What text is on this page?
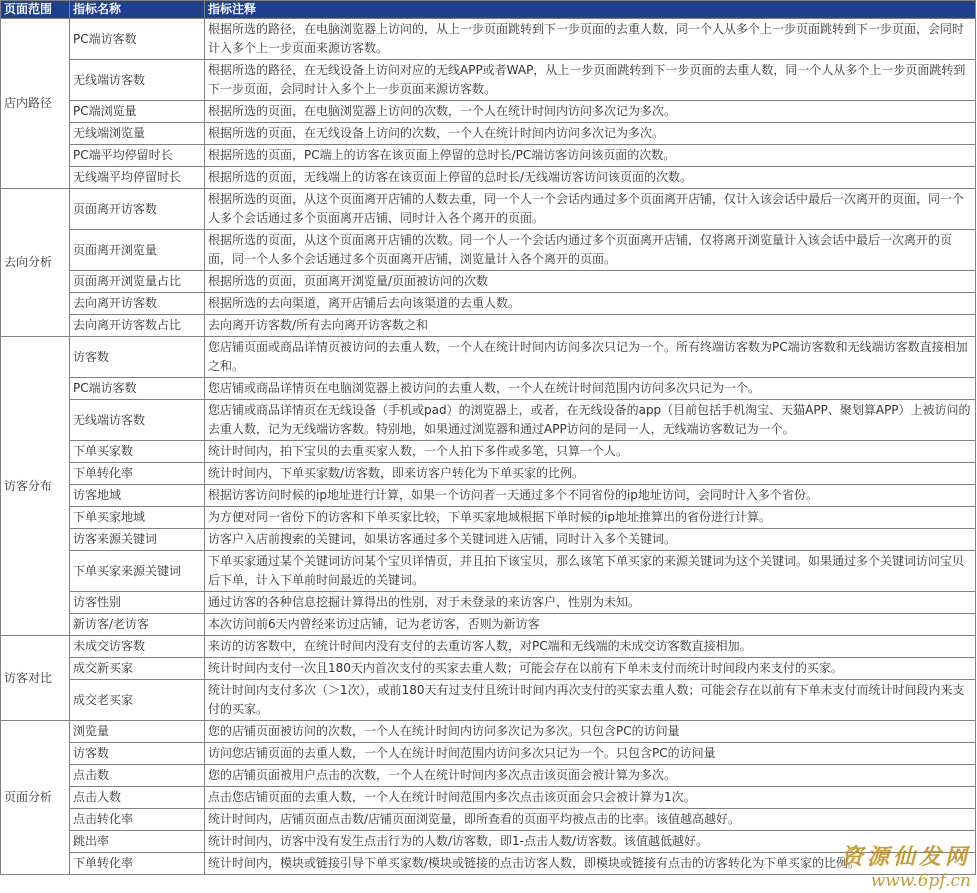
页面范围	指标名称	指标注释
店内路径	PC端访客数	根据所选的路径，在电脑浏览器上访问的，从上一步页面跳转到下一步页面的去重人数，同一个人从多个上一步页面跳转到下一步页面，会同时计入多个上一步页面来源访客数。
	无线端访客数	根据所选的路径，在无线设备上访问对应的无线APP或者WAP，从上一步页面跳转到下一步页面的去重人数，同一个人从多个上一步页面跳转到下一步页面，会同时计入多个上一步页面来源访客数。
	PC端浏览量	根据所选的页面，在电脑浏览器上访问的次数，一个人在统计时间内访问多次记为多次。
	无线端浏览量	根据所选的页面，在无线设备上访问的次数，一个人在统计时间内访问多次记为多次。
	PC端平均停留时长	根据所选的页面，PC端上的访客在该页面上停留的总时长/PC端访客访问该页面的次数。
	无线端平均停留时长	根据所选的页面，无线端上的访客在该页面上停留的总时长/无线端访客访问该页面的次数。
去向分析	页面离开访客数	根据所选的页面，从这个页面离开店铺的人数去重，同一个人一个会话内通过多个页面离开店铺，仅计入该会话中最后一次离开的页面，同一个人多个会话通过多个页面离开店铺，同时计入各个离开的页面。
	页面离开浏览量	根据所选的页面，从这个页面离开店铺的次数。同一个人一个会话内通过多个页面离开店铺，仅将离开浏览量计入该会话中最后一次离开的页面，同一个人多个会话通过多个页面离开店铺，浏览量计入各个离开的页面。
	页面离开浏览量占比	根据所选的页面，页面离开浏览量/页面被访问的次数
	去向离开访客数	根据所选的去向渠道，离开店铺后去向该渠道的去重人数。
	去向离开访客数占比	去向离开访客数/所有去向离开访客数之和
访客分布	访客数	您店铺页面或商品详情页被访问的去重人数，一个人在统计时间内访问多次只记为一个。所有终端访客数为PC端访客数和无线端访客数直接相加之和。
	PC端访客数	您店铺或商品详情页在电脑浏览器上被访问的去重人数，一个人在统计时间范围内访问多次只记为一个。
	无线端访客数	您店铺或商品详情页在无线设备（手机或pad）的浏览器上，或者，在无线设备的app（目前包括手机淘宝、天猫APP、聚划算APP）上被访问的去重人数，记为无线端访客数。特别地，如果通过浏览器和通过APP访问的是同一人，无线端访客数记为一个。
	下单买家数	统计时间内，拍下宝贝的去重买家人数，一个人拍下多件或多笔，只算一个人。
	下单转化率	统计时间内，下单买家数/访客数，即来访客户转化为下单买家的比例。
	访客地域	根据访客访问时候的ip地址进行计算，如果一个访问者一天通过多个不同省份的ip地址访问，会同时计入多个省份。
	下单买家地域	为方便对同一省份下的访客和下单买家比较，下单买家地域根据下单时候的ip地址推算出的省份进行计算。
	访客来源关键词	访客户入店前搜索的关键词，如果访客通过多个关键词进入店铺，同时计入多个关键词。
	下单买家来源关键词	下单买家通过某个关键词访问某个宝贝详情页，并且拍下该宝贝，那么该笔下单买家的来源关键词为这个关键词。如果通过多个关键词访问宝贝后下单，计入下单前时间最近的关键词。
	访客性别	通过访客的各种信息挖掘计算得出的性别，对于未登录的来访客户，性别为未知。
	新访客/老访客	本次访问前6天内曾经来访过店铺，记为老访客，否则为新访客
访客对比	未成交访客数	来访的访客数中，在统计时间内没有支付的去重访客人数，对PC端和无线端的未成交访客数直接相加。
	成交新买家	统计时间内支付一次且180天内首次支付的买家去重人数；可能会存在以前有下单未支付而统计时间段内来支付的买家。
	成交老买家	统计时间内支付多次（＞1次），或前180天有过支付且统计时间内再次支付的买家去重人数；可能会存在以前有下单未支付而统计时间段内来支付的买家。
页面分析	浏览量	您的店铺页面被访问的次数，一个人在统计时间内访问多次记为多次。只包含PC的访问量
	访客数	访问您店铺页面的去重人数，一个人在统计时间范围内访问多次只记为一个。只包含PC的访问量
	点击数	您的店铺页面被用户点击的次数，一个人在统计时间内多次点击该页面会被计算为多次。
	点击人数	点击您店铺页面的去重人数，一个人在统计时间范围内多次点击该页面会只会被计算为1次。
	点击转化率	统计时间内，店铺页面点击数/店铺页面浏览量，即所查看的页面平均被点击的比率。该值越高越好。
	跳出率	统计时间内，访客中没有发生点击行为的人数/访客数，即1-点击人数/访客数。该值越低越好。
	下单转化率	统计时间内，模块或链接引导下单买家数/模块或链接的点击访客人数，即模块或链接有点击的访客转化为下单买家的比例。
资源仙发网
www.6pf.cn
